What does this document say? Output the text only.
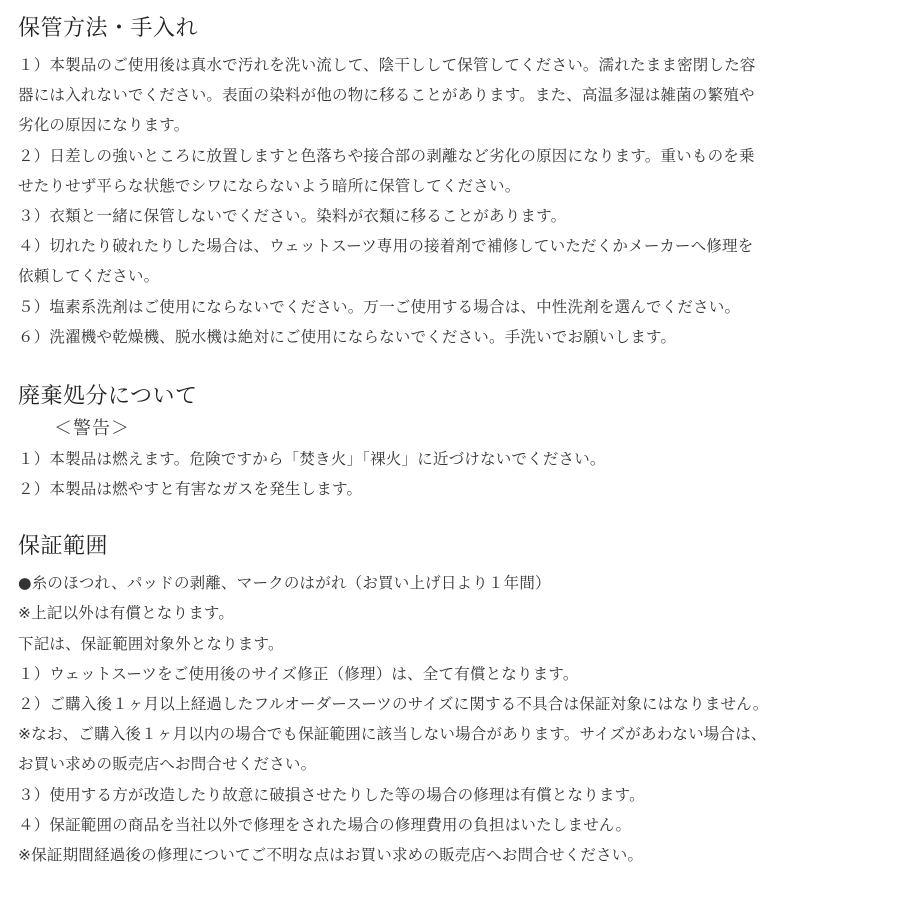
保管方法・手入れ

１）本製品のご使用後は真水で汚れを洗い流して、陰干しして保管してください。濡れたまま密閉した容

器には入れないでください。表面の染料が他の物に移ることがあります。また、高温多湿は雑菌の繁殖や

劣化の原因になります。

２）日差しの強いところに放置しますと色落ちや接合部の剥離など劣化の原因になります。重いものを乗

せたりせず平らな状態でシワにならないよう暗所に保管してください。

３）衣類と一緒に保管しないでください。染料が衣類に移ることがあります。

４）切れたり破れたりした場合は、ウェットスーツ専用の接着剤で補修していただくかメーカーへ修理を

依頼してください。

５）塩素系洗剤はご使用にならないでください。万一ご使用する場合は、中性洗剤を選んでください。

６）洗濯機や乾燥機、脱水機は絶対にご使用にならないでください。手洗いでお願いします。

廃棄処分について

＜警告＞

１）本製品は燃えます。危険ですから「焚き火」「裸火」に近づけないでください。

２）本製品は燃やすと有害なガスを発生します。

保証範囲

●糸のほつれ、パッドの剥離、マークのはがれ（お買い上げ日より１年間）

※上記以外は有償となります。

下記は、保証範囲対象外となります。

１）ウェットスーツをご使用後のサイズ修正（修理）は、全て有償となります。

２）ご購入後１ヶ月以上経過したフルオーダースーツのサイズに関する不具合は保証対象にはなりません。

※なお、ご購入後１ヶ月以内の場合でも保証範囲に該当しない場合があります。サイズがあわない場合は、

お買い求めの販売店へお問合せください。

３）使用する方が改造したり故意に破損させたりした等の場合の修理は有償となります。

４）保証範囲の商品を当社以外で修理をされた場合の修理費用の負担はいたしません。

※保証期間経過後の修理についてご不明な点はお買い求めの販売店へお問合せください。
